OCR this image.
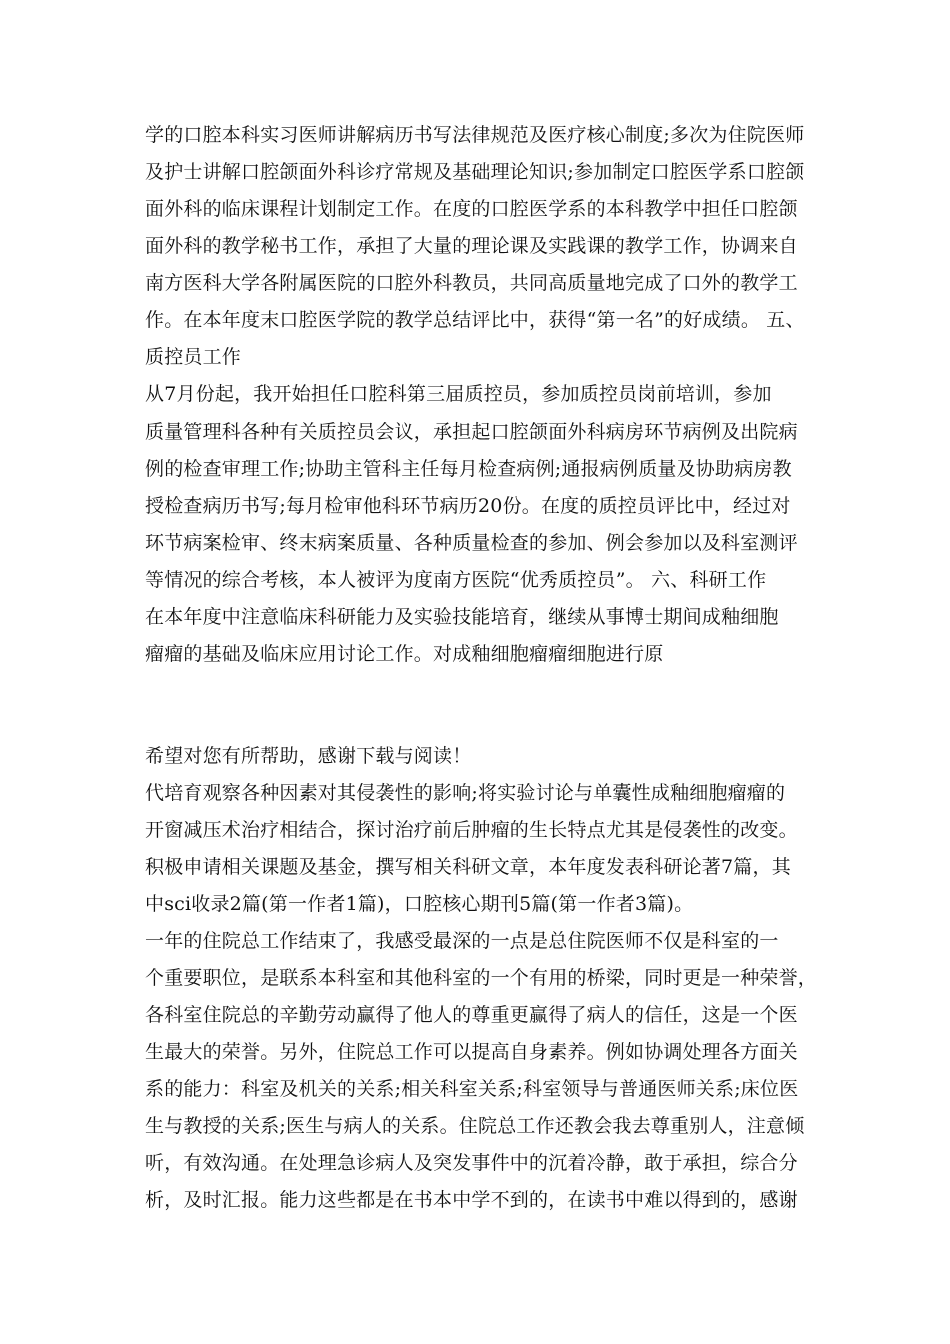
学的口腔本科实习医师讲解病历书写法律规范及医疗核心制度;多次为住院医师
及护士讲解口腔颌面外科诊疗常规及基础理论知识;参加制定口腔医学系口腔颌
面外科的临床课程计划制定工作。在度的口腔医学系的本科教学中担任口腔颌
面外科的教学秘书工作，承担了大量的理论课及实践课的教学工作，协调来自
南方医科大学各附属医院的口腔外科教员，共同高质量地完成了口外的教学工
作。在本年度末口腔医学院的教学总结评比中，获得“第一名”的好成绩。 五、
质控员工作
从7月份起，我开始担任口腔科第三届质控员，参加质控员岗前培训，参加
质量管理科各种有关质控员会议，承担起口腔颌面外科病房环节病例及出院病
例的检查审理工作;协助主管科主任每月检查病例;通报病例质量及协助病房教
授检查病历书写;每月检审他科环节病历20份。在度的质控员评比中，经过对
环节病案检审、终末病案质量、各种质量检查的参加、例会参加以及科室测评
等情况的综合考核，本人被评为度南方医院“优秀质控员”。 六、科研工作
在本年度中注意临床科研能力及实验技能培育，继续从事博士期间成釉细胞
瘤瘤的基础及临床应用讨论工作。对成釉细胞瘤瘤细胞进行原
希望对您有所帮助，感谢下载与阅读！
代培育观察各种因素对其侵袭性的影响;将实验讨论与单囊性成釉细胞瘤瘤的
开窗减压术治疗相结合，探讨治疗前后肿瘤的生长特点尤其是侵袭性的改变。
积极申请相关课题及基金，撰写相关科研文章，本年度发表科研论著7篇，其
中sci收录2篇(第一作者1篇)，口腔核心期刊5篇(第一作者3篇)。
一年的住院总工作结束了，我感受最深的一点是总住院医师不仅是科室的一
个重要职位，是联系本科室和其他科室的一个有用的桥梁，同时更是一种荣誉，
各科室住院总的辛勤劳动赢得了他人的尊重更赢得了病人的信任，这是一个医
生最大的荣誉。另外，住院总工作可以提高自身素养。例如协调处理各方面关
系的能力：科室及机关的关系;相关科室关系;科室领导与普通医师关系;床位医
生与教授的关系;医生与病人的关系。住院总工作还教会我去尊重别人，注意倾
听，有效沟通。在处理急诊病人及突发事件中的沉着冷静，敢于承担，综合分
析，及时汇报。能力这些都是在书本中学不到的，在读书中难以得到的，感谢
